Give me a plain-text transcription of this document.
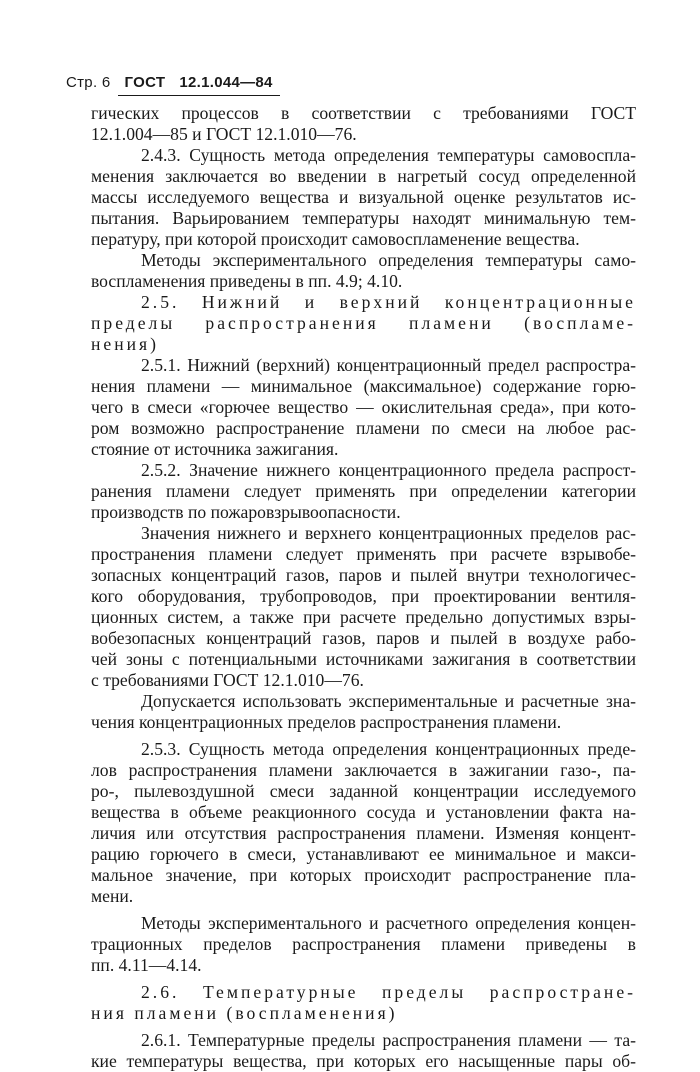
Стр. 6 ГОСТ 12.1.044—84
гических процессов в соответствии с требованиями ГОСТ
12.1.004—85 и ГОСТ 12.1.010—76.
2.4.3. Сущность метода определения температуры самовоспла-
менения заключается во введении в нагретый сосуд определенной
массы исследуемого вещества и визуальной оценке результатов ис-
пытания. Варьированием температуры находят минимальную тем-
пературу, при которой происходит самовоспламенение вещества.
Методы экспериментального определения температуры само-
воспламенения приведены в пп. 4.9; 4.10.
2.5. Нижний и верхний концентрационные
пределы распространения пламени (воспламе-
нения)
2.5.1. Нижний (верхний) концентрационный предел распростра-
нения пламени — минимальное (максимальное) содержание горю-
чего в смеси «горючее вещество — окислительная среда», при кото-
ром возможно распространение пламени по смеси на любое рас-
стояние от источника зажигания.
2.5.2. Значение нижнего концентрационного предела распрост-
ранения пламени следует применять при определении категории
производств по пожаровзрывоопасности.
Значения нижнего и верхнего концентрационных пределов рас-
пространения пламени следует применять при расчете взрывобе-
зопасных концентраций газов, паров и пылей внутри технологичес-
кого оборудования, трубопроводов, при проектировании вентиля-
ционных систем, а также при расчете предельно допустимых взры-
вобезопасных концентраций газов, паров и пылей в воздухе рабо-
чей зоны с потенциальными источниками зажигания в соответствии
с требованиями ГОСТ 12.1.010—76.
Допускается использовать экспериментальные и расчетные зна-
чения концентрационных пределов распространения пламени.
2.5.3. Сущность метода определения концентрационных преде-
лов распространения пламени заключается в зажигании газо-, па-
ро-, пылевоздушной смеси заданной концентрации исследуемого
вещества в объеме реакционного сосуда и установлении факта на-
личия или отсутствия распространения пламени. Изменяя концент-
рацию горючего в смеси, устанавливают ее минимальное и макси-
мальное значение, при которых происходит распространение пла-
мени.
Методы экспериментального и расчетного определения концен-
трационных пределов распространения пламени приведены в
пп. 4.11—4.14.
2.6. Температурные пределы распростране-
ния пламени (воспламенения)
2.6.1. Температурные пределы распространения пламени — та-
кие температуры вещества, при которых его насыщенные пары об-
